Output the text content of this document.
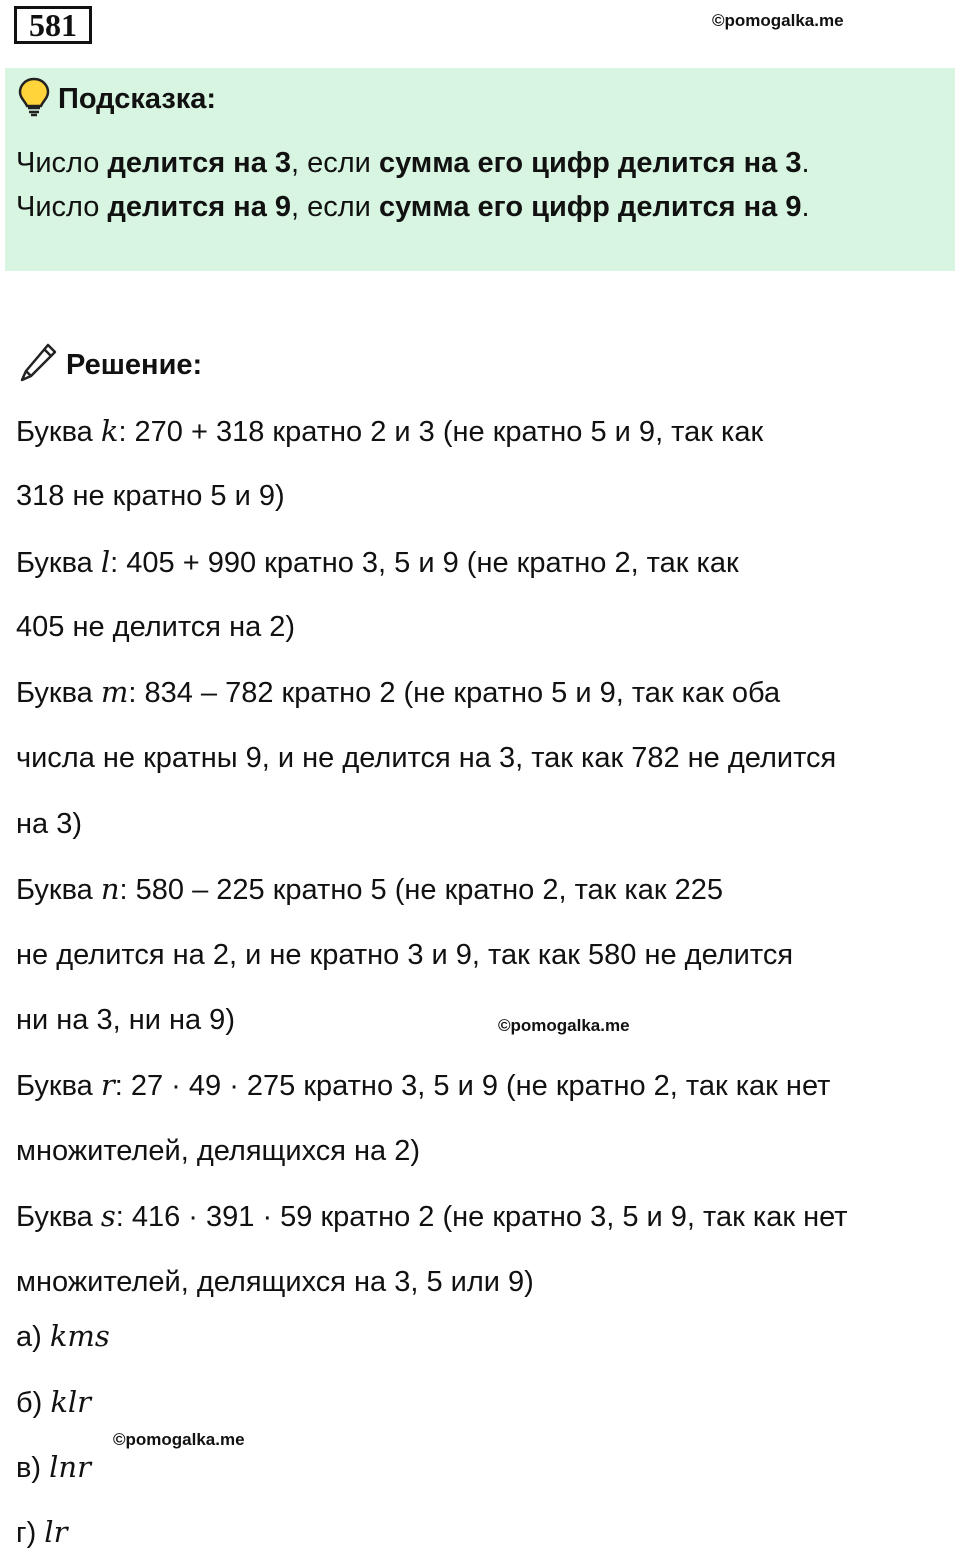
581	©pomogalka.me
Подсказка:
Число делится на 3, если сумма его цифр делится на 3.
Число делится на 9, если сумма его цифр делится на 9.
Решение:
Буква k: 270 + 318 кратно 2 и 3 (не кратно 5 и 9, так как
318 не кратно 5 и 9)
Буква l: 405 + 990 кратно 3, 5 и 9 (не кратно 2, так как
405 не делится на 2)
Буква m: 834 – 782 кратно 2 (не кратно 5 и 9, так как оба
числа не кратны 9, и не делится на 3, так как 782 не делится
на 3)
Буква n: 580 – 225 кратно 5 (не кратно 2, так как 225
не делится на 2, и не кратно 3 и 9, так как 580 не делится
ни на 3, ни на 9)	©pomogalka.me
Буква r: 27 · 49 · 275 кратно 3, 5 и 9 (не кратно 2, так как нет
множителей, делящихся на 2)
Буква s: 416 · 391 · 59 кратно 2 (не кратно 3, 5 и 9, так как нет
множителей, делящихся на 3, 5 или 9)
а) kms
б) klr
©pomogalka.me
в) lnr
г) lr
